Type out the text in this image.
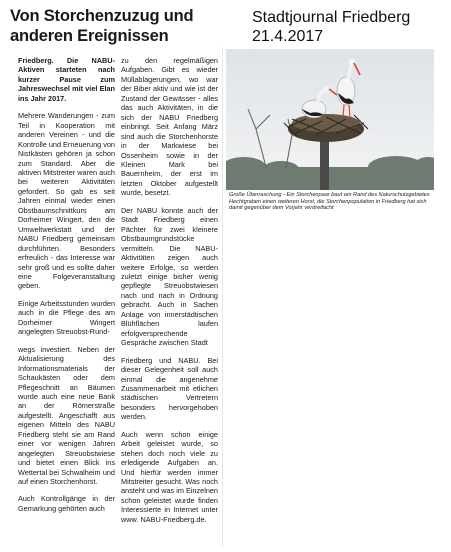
Von Storchenzuzug und anderen Ereignissen
Stadtjournal Friedberg
21.4.2017

Friedberg. Die NABU-Aktiven starteten nach kurzer Pause zum Jahreswechsel mit viel Elan ins Jahr 2017.

Mehrere Wanderungen - zum Teil in Kooperation mit anderen Vereinen - und die Kontrolle und Erneuerung von Nistkästen gehören ja schon zum Standard. Aber die aktiven Mitstreiter waren auch bei weiteren Aktivitäten gefordert. So gab es seit Jahren einmal wieder einen Obstbaumschnittkurs am Dorheimer Wingert, den die Umweltwerkstatt und der NABU Friedberg gemeinsam durchführten. Besonders erfreulich - das Interesse war sehr groß und es sollte daher eine Folgeveranstaltung geben.

Einige Arbeitsstunden wurden auch in die Pflege des am Dorheimer Wingert angelegten Streuobst-Rund-

wegs investiert. Neben der Aktualisierung des Informationsmaterials der Schaukästen oder dem Pflegeschnitt an Bäumen wurde auch eine neue Bank an der Römerstraße aufgestellt. Angeschafft aus eigenen Mitteln des NABU Friedberg steht sie am Rand einer vor wenigen Jahren angelegten Streuobstwiese und bietet einen Blick ins Wettertal bei Schwalheim und auf einen Storchenhorst.

Auch Kontrollgänge in der Gemarkung gehörten auch

zu den regelmäßigen Aufgaben. Gibt es wieder Müllablagerungen, wo war der Biber aktiv und wie ist der Zustand der Gewässer - alles das auch Aktivitäten, in die sich der NABU Friedberg einbringt. Seit Anfang März sind auch die Storchenhorste in der Markwiese bei Ossenheim sowie in der Kleinen Mark bei Bauernheim, der erst im letzten Oktober aufgestellt wurde, besetzt.

Der NABU konnte auch der Stadt Friedberg einen Pächter für zwei kleinere Obstbaumgrundstücke vermitteln. Die NABU-Aktivitäten zeigen auch weitere Erfolge, so werden zuletzt einige bisher wenig gepflegte Streuobstwiesen nach und nach in Ordnung gebracht. Auch in Sachen Anlage von innerstädtischen Blühflächen laufen erfolgversprechende Gespräche zwischen Stadt

Friedberg und NABU. Bei dieser Gelegenheit soll auch einmal die angenehme Zusammenarbeit mit etlichen städtischen Vertretern besonders hervorgehoben werden.

Auch wenn schon einige Arbeit geleistet wurde, so stehen doch noch viele zu erledigende Aufgaben an. Und hierfür werden immer Mitstreiter gesucht. Was noch ansteht und was im Einzelnen schon geleistet wurde finden Interessierte in Internet unter www. NABU-Friedberg.de.

Große Überraschung - Ein Storchenpaar baut am Rand des Naturschutzgebietes Hechtgraben einen weiteren Horst, die Storchenpopulation in Friedberg hat sich damit gegenüber dem Vorjahr verdreifacht
